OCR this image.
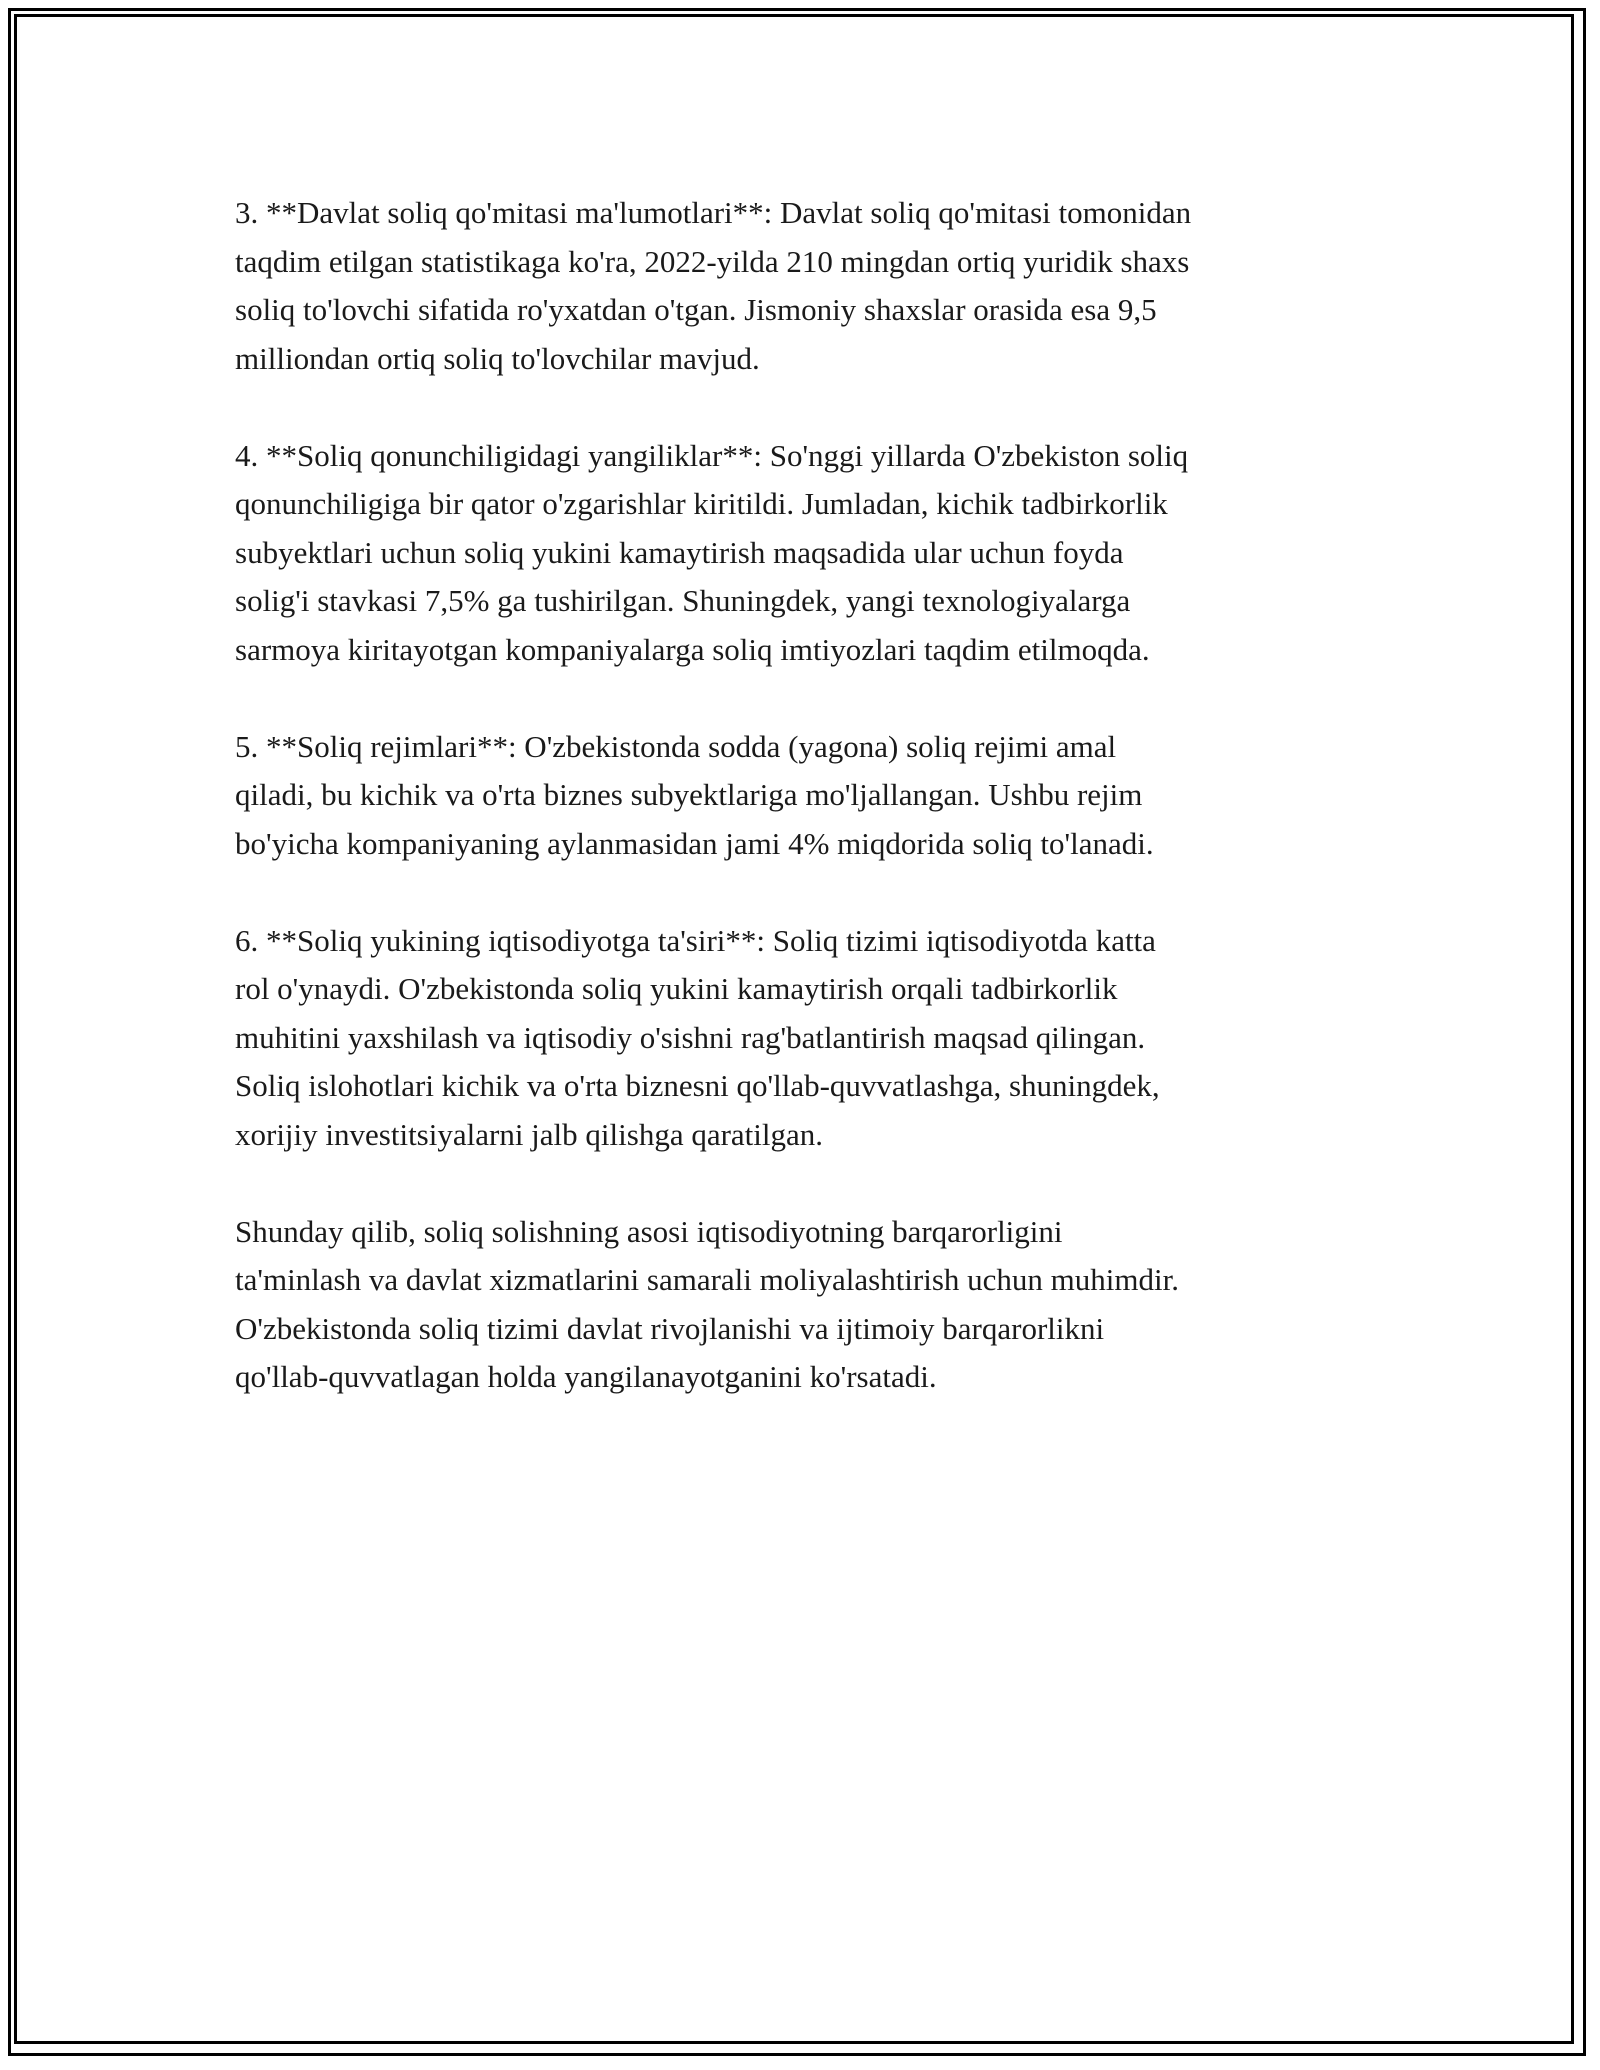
3. **Davlat soliq qo'mitasi ma'lumotlari**: Davlat soliq qo'mitasi tomonidan
taqdim etilgan statistikaga ko'ra, 2022-yilda 210 mingdan ortiq yuridik shaxs
soliq to'lovchi sifatida ro'yxatdan o'tgan. Jismoniy shaxslar orasida esa 9,5
milliondan ortiq soliq to'lovchilar mavjud.

4. **Soliq qonunchiligidagi yangiliklar**: So'nggi yillarda O'zbekiston soliq
qonunchiligiga bir qator o'zgarishlar kiritildi. Jumladan, kichik tadbirkorlik
subyektlari uchun soliq yukini kamaytirish maqsadida ular uchun foyda
solig'i stavkasi 7,5% ga tushirilgan. Shuningdek, yangi texnologiyalarga
sarmoya kiritayotgan kompaniyalarga soliq imtiyozlari taqdim etilmoqda.

5. **Soliq rejimlari**: O'zbekistonda sodda (yagona) soliq rejimi amal
qiladi, bu kichik va o'rta biznes subyektlariga mo'ljallangan. Ushbu rejim
bo'yicha kompaniyaning aylanmasidan jami 4% miqdorida soliq to'lanadi.

6. **Soliq yukining iqtisodiyotga ta'siri**: Soliq tizimi iqtisodiyotda katta
rol o'ynaydi. O'zbekistonda soliq yukini kamaytirish orqali tadbirkorlik
muhitini yaxshilash va iqtisodiy o'sishni rag'batlantirish maqsad qilingan.
Soliq islohotlari kichik va o'rta biznesni qo'llab-quvvatlashga, shuningdek,
xorijiy investitsiyalarni jalb qilishga qaratilgan.

Shunday qilib, soliq solishning asosi iqtisodiyotning barqarorligini
ta'minlash va davlat xizmatlarini samarali moliyalashtirish uchun muhimdir.
O'zbekistonda soliq tizimi davlat rivojlanishi va ijtimoiy barqarorlikni
qo'llab-quvvatlagan holda yangilanayotganini ko'rsatadi.
